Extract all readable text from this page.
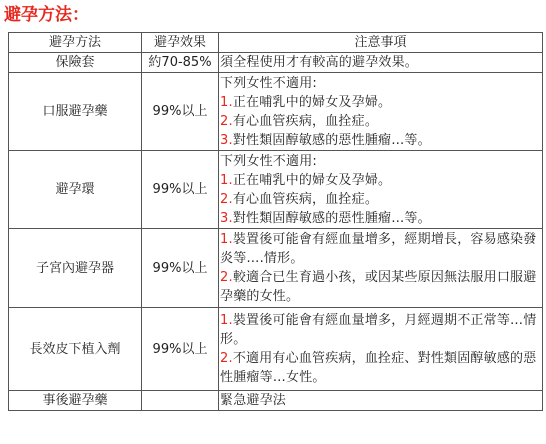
避孕方法：
避孕方法	避孕效果	注意事項
保險套	約70-85%	須全程使用才有較高的避孕效果。

口服避孕藥	99%以上	下列女性不適用:
1.正在哺乳中的婦女及孕婦。
2.有心血管疾病，血拴症。
3.對性類固醇敏感的惡性腫瘤…等。

避孕環	99%以上	下列女性不適用:
1.正在哺乳中的婦女及孕婦。
2.有心血管疾病，血拴症。
3.對性類固醇敏感的惡性腫瘤…等。

子宮內避孕器	99%以上	1.裝置後可能會有經血量增多，經期增長，容易感染發炎等….情形。
2.較適合已生育過小孩，或因某些原因無法服用口服避孕藥的女性。

長效皮下植入劑	99%以上	1.裝置後可能會有經血量增多，月經週期不正常等…情形。
2.不適用有心血管疾病，血拴症、對性類固醇敏感的惡性腫瘤等…女性。

事後避孕藥		緊急避孕法
